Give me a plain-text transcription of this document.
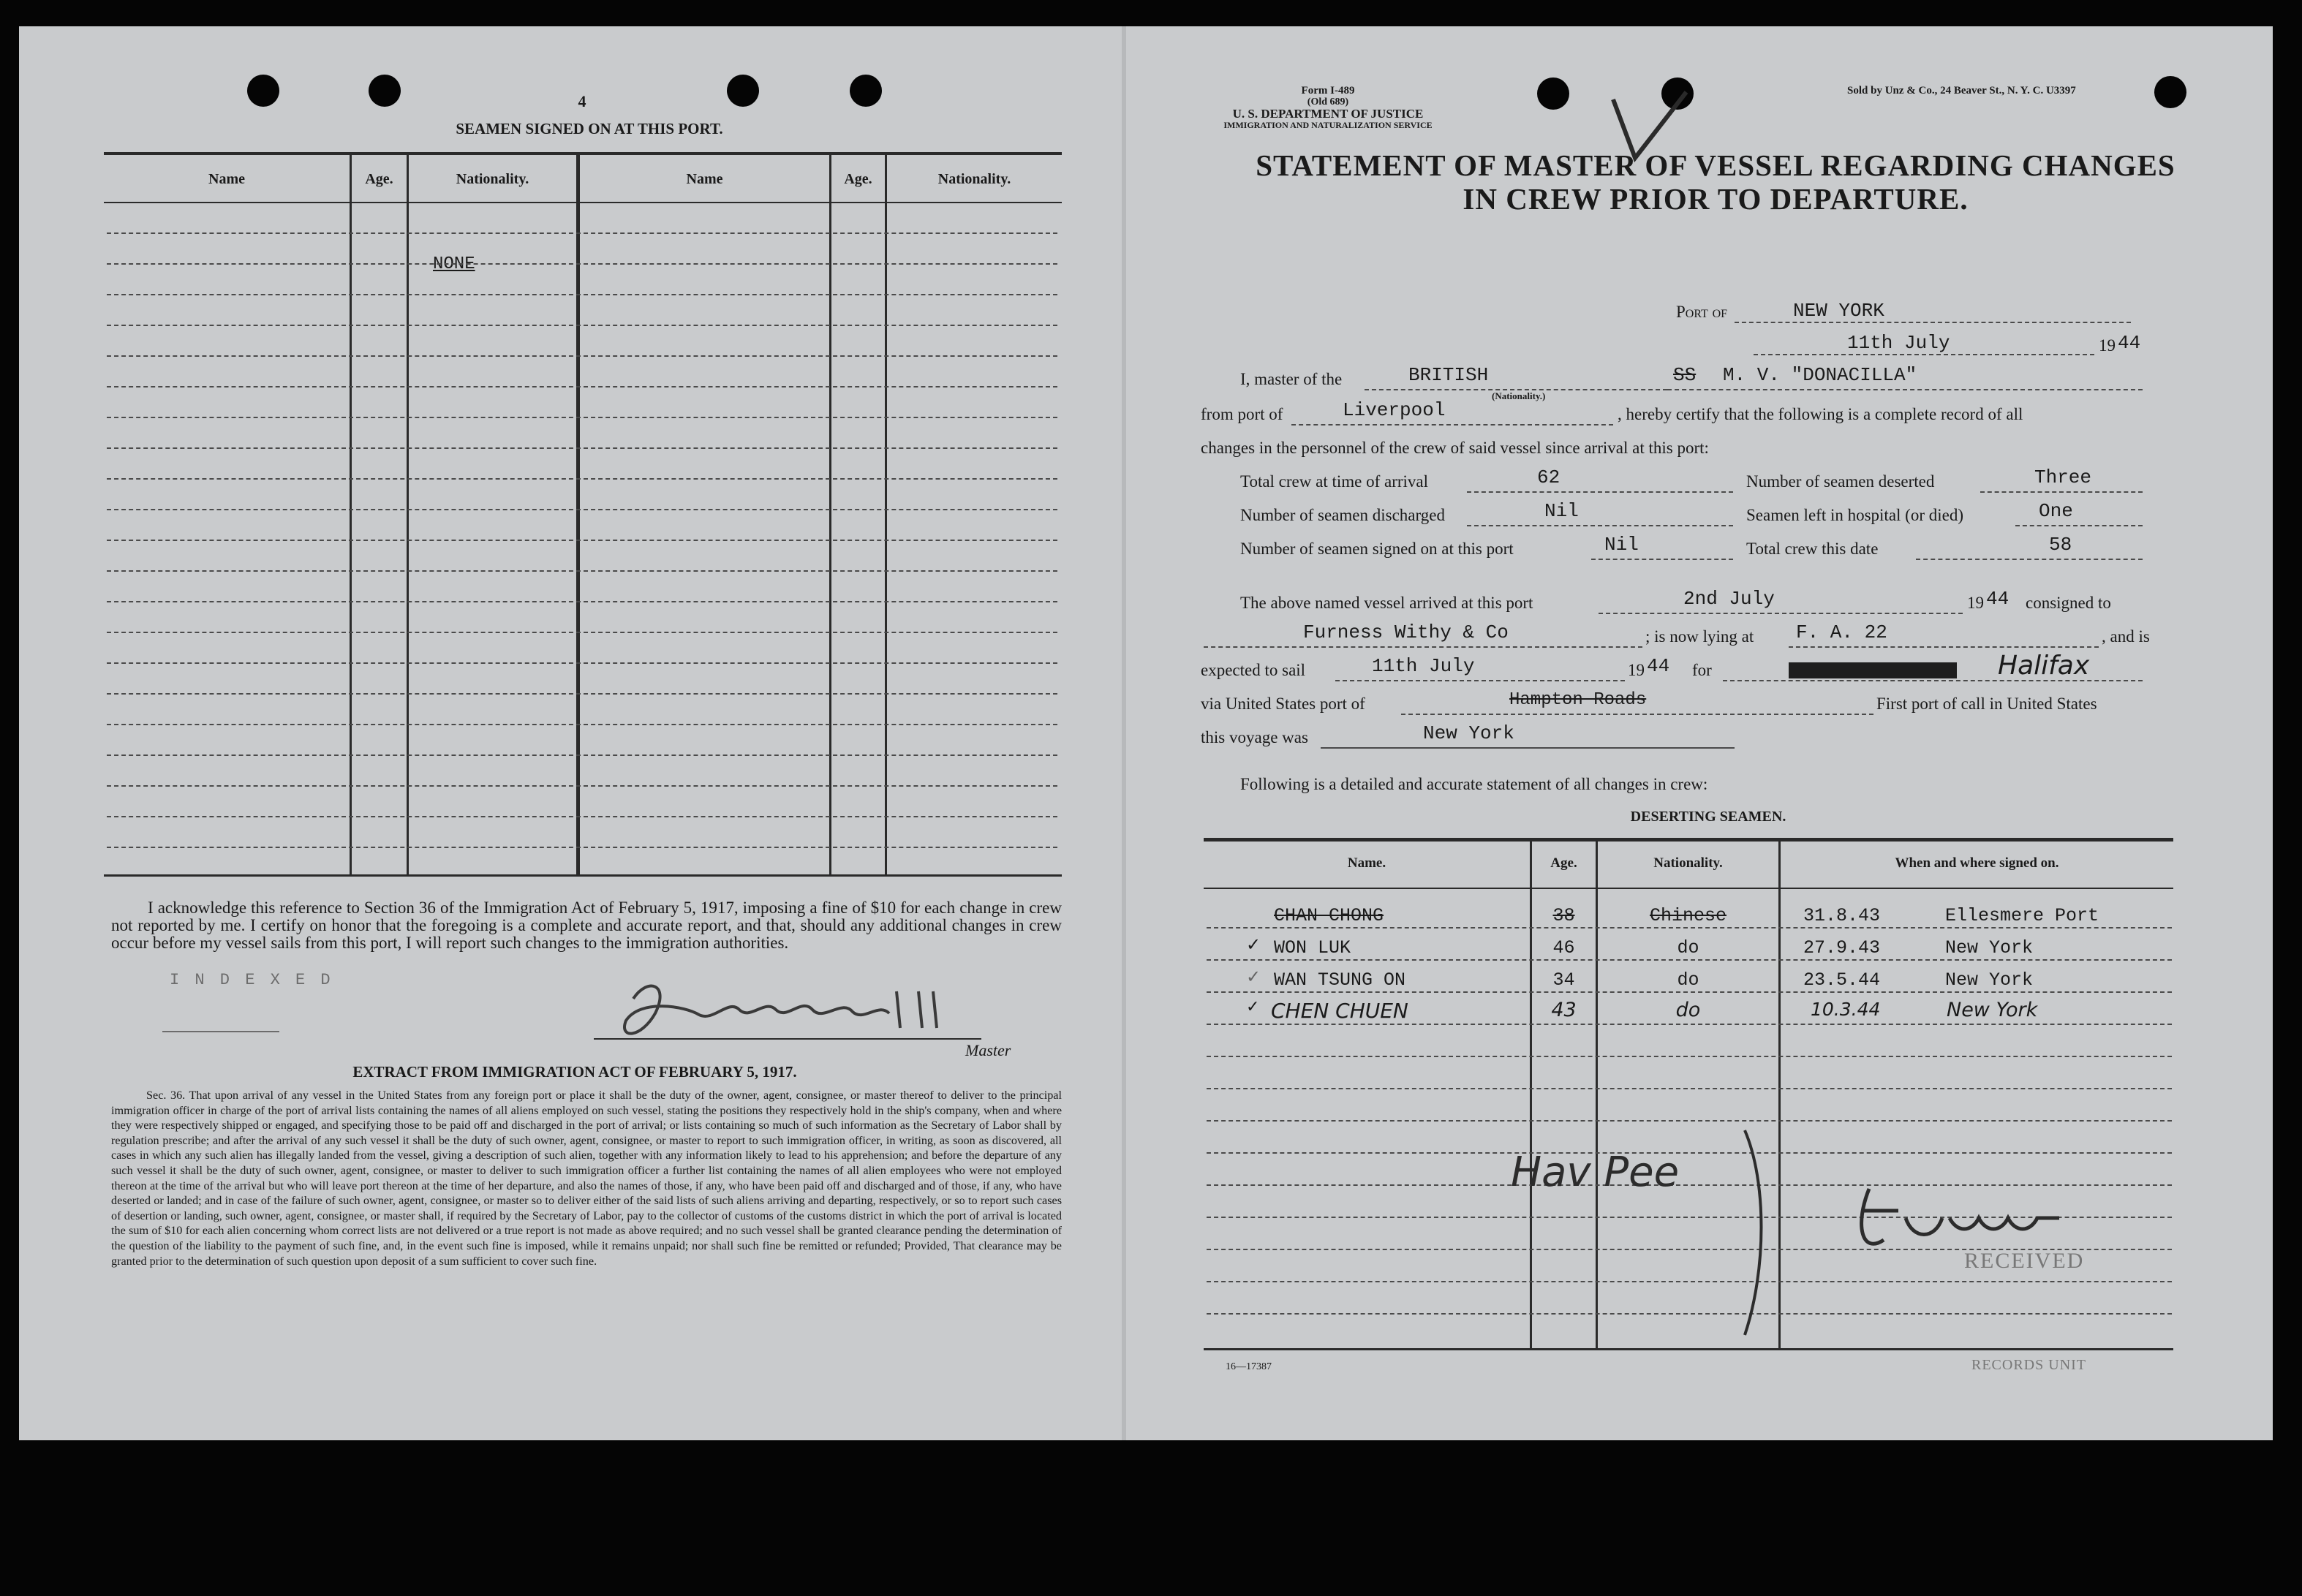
4
SEAMEN SIGNED ON AT THIS PORT.
Name	Age.	Nationality.	Name	Age.	Nationality.
NONE
I acknowledge this reference to Section 36 of the Immigration Act of February 5, 1917, imposing a fine of $10 for each change in crew not reported by me. I certify on honor that the foregoing is a complete and accurate report, and that, should any additional changes in crew occur before my vessel sails from this port, I will report such changes to the immigration authorities.
I N D E X E D
Master
EXTRACT FROM IMMIGRATION ACT OF FEBRUARY 5, 1917.
Sec. 36. That upon arrival of any vessel in the United States from any foreign port or place it shall be the duty of the owner, agent, consignee, or master thereof to deliver to the principal immigration officer in charge of the port of arrival lists containing the names of all aliens employed on such vessel, stating the positions they respectively hold in the ship's company, when and where they were respectively shipped or engaged, and specifying those to be paid off and discharged in the port of arrival; or lists containing so much of such information as the Secretary of Labor shall by regulation prescribe; and after the arrival of any such vessel it shall be the duty of such owner, agent, consignee, or master to report to such immigration officer, in writing, as soon as discovered, all cases in which any such alien has illegally landed from the vessel, giving a description of such alien, together with any information likely to lead to his apprehension; and before the departure of any such vessel it shall be the duty of such owner, agent, consignee, or master to deliver to such immigration officer a further list containing the names of all alien employees who were not employed thereon at the time of the arrival but who will leave port thereon at the time of her departure, and also the names of those, if any, who have been paid off and discharged and of those, if any, who have deserted or landed; and in case of the failure of such owner, agent, consignee, or master so to deliver either of the said lists of such aliens arriving and departing, respectively, or so to report such cases of desertion or landing, such owner, agent, consignee, or master shall, if required by the Secretary of Labor, pay to the collector of customs of the customs district in which the port of arrival is located the sum of $10 for each alien concerning whom correct lists are not delivered or a true report is not made as above required; and no such vessel shall be granted clearance pending the determination of the question of the liability to the payment of such fine, and, in the event such fine is imposed, while it remains unpaid; nor shall such fine be remitted or refunded; Provided, That clearance may be granted prior to the determination of such question upon deposit of a sum sufficient to cover such fine.
Form I-489
(Old 689)
U. S. DEPARTMENT OF JUSTICE
IMMIGRATION AND NATURALIZATION SERVICE
Sold by Unz & Co., 24 Beaver St., N. Y. C. U3397
STATEMENT OF MASTER OF VESSEL REGARDING CHANGES
IN CREW PRIOR TO DEPARTURE.
Port of	NEW YORK
11th July	19 44
I, master of the	BRITISH
(Nationality.)
SS M. V. "DONACILLA"
from port of	Liverpool	, hereby certify that the following is a complete record of all
changes in the personnel of the crew of said vessel since arrival at this port:
Total crew at time of arrival	62	Number of seamen deserted	Three
Number of seamen discharged	Nil	Seamen left in hospital (or died)	One
Number of seamen signed on at this port	Nil	Total crew this date	58
The above named vessel arrived at this port	2nd July	19 44 consigned to
Furness Withy & Co	; is now lying at F. A. 22	, and is
expected to sail	11th July	19 44 for	Halifax
via United States port of	Hampton Roads	First port of call in United States
this voyage was	New York
Following is a detailed and accurate statement of all changes in crew:
DESERTING SEAMEN.
Name.	Age.	Nationality.	When and where signed on.
CHAN CHONG	38	Chinese	31.8.43	Ellesmere Port
✓ WON LUK	46	do	27.9.43	New York
✓ WAN TSUNG ON	34	do	23.5.44	New York
✓ CHEN CHUEN	43	do	10.3.44	New York
Hav Pee
RECEIVED
RECORDS UNIT
16—17387
